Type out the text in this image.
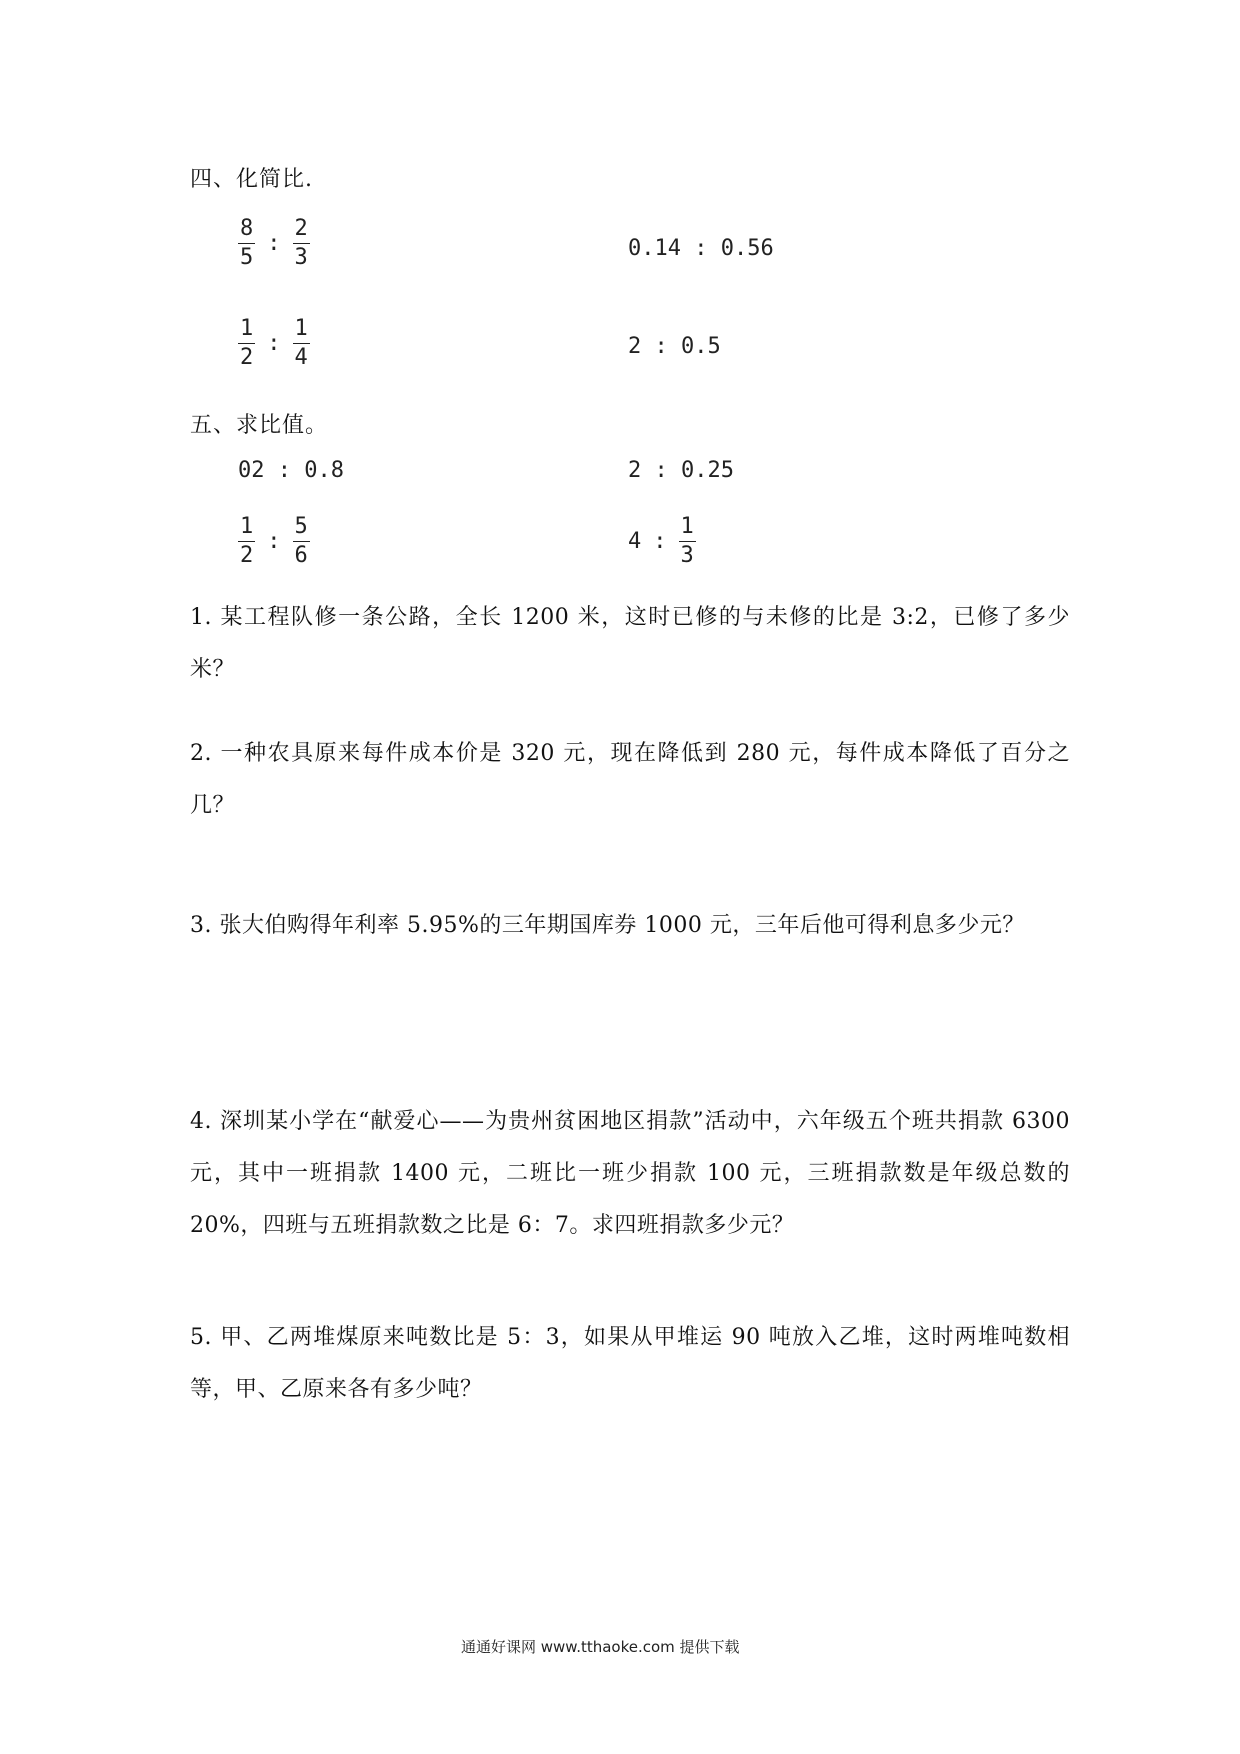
四、化简比.
$\frac{8}{5}$ : $\frac{2}{3}$	0.14 : 0.56
$\frac{1}{2}$ : $\frac{1}{4}$	2 : 0.5
五、求比值。
02 : 0.8	2 : 0.25
$\frac{1}{2}$ : $\frac{5}{6}$	4 : $\frac{1}{3}$
1. 某工程队修一条公路，全长 1200 米，这时已修的与未修的比是 3:2，已修了多少米？
2. 一种农具原来每件成本价是 320 元，现在降低到 280 元，每件成本降低了百分之几？
3. 张大伯购得年利率 5.95%的三年期国库券 1000 元，三年后他可得利息多少元？
4. 深圳某小学在“献爱心——为贵州贫困地区捐款”活动中，六年级五个班共捐款 6300 元，其中一班捐款 1400 元，二班比一班少捐款 100 元，三班捐款数是年级总数的 20%，四班与五班捐款数之比是 6：7。求四班捐款多少元？
5. 甲、乙两堆煤原来吨数比是 5：3，如果从甲堆运 90 吨放入乙堆，这时两堆吨数相等，甲、乙原来各有多少吨？
通通好课网 www.tthaoke.com 提供下载
